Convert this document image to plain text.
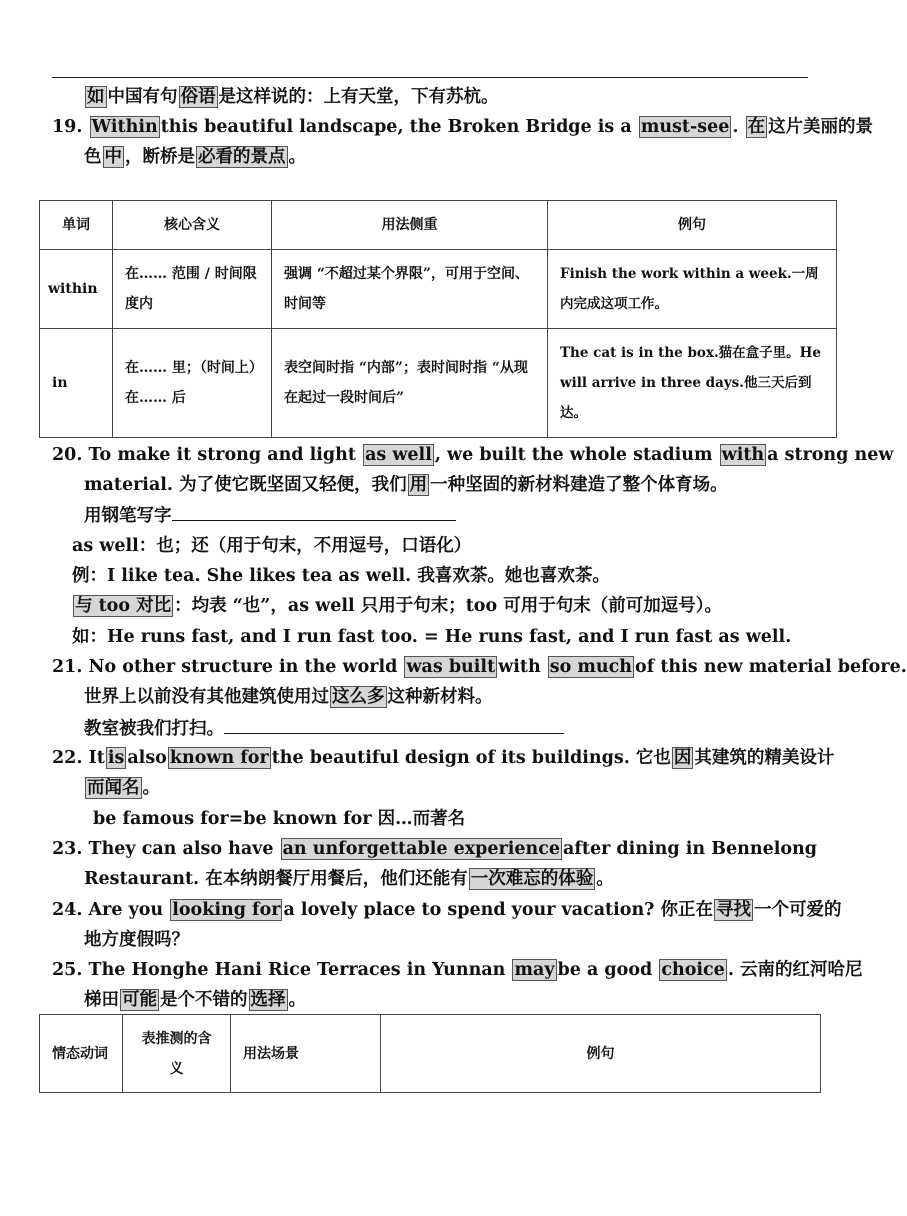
如 中国有句 俗语 是这样说的：上有天堂，下有苏杭。
19. Within this beautiful landscape, the Broken Bridge is a must-see . 在 这片美丽的景
色 中 ，断桥是 必看的景点 。
单词	核心含义	用法侧重	例句
within	在…… 范围 / 时间限度内	强调 “不超过某个界限”，可用于空间、时间等	Finish the work within a week.一周内完成这项工作。
in	在…… 里；（时间上）在…… 后	表空间时指 “内部”；表时间时指 “从现在起过一段时间后”	The cat is in the box.猫在盒子里。He will arrive in three days.他三天后到达。
20. To make it strong and light as well , we built the whole stadium with a strong new
material. 为了使它既坚固又轻便，我们 用 一种坚固的新材料建造了整个体育场。
用钢笔写字
as well：也；还（用于句末，不用逗号，口语化）
例：I like tea. She likes tea as well. 我喜欢茶。她也喜欢茶。
与 too 对比 ：均表 “也”，as well 只用于句末；too 可用于句末（前可加逗号）。
如：He runs fast, and I run fast too. = He runs fast, and I run fast as well.
21. No other structure in the world was built with so much of this new material before.
世界上以前没有其他建筑使用过 这么多 这种新材料。
教室被我们打扫。
22. It is also known for the beautiful design of its buildings. 它也 因 其建筑的精美设计
而闻名 。
be famous for=be known for 因…而著名
23. They can also have an unforgettable experience after dining in Bennelong
Restaurant. 在本纳朗餐厅用餐后，他们还能有 一次难忘的体验 。
24. Are you looking for a lovely place to spend your vacation? 你正在 寻找 一个可爱的
地方度假吗？
25. The Honghe Hani Rice Terraces in Yunnan may be a good choice . 云南的红河哈尼
梯田 可能 是个不错的 选择 。
情态动词	表推测的含义	用法场景	例句
